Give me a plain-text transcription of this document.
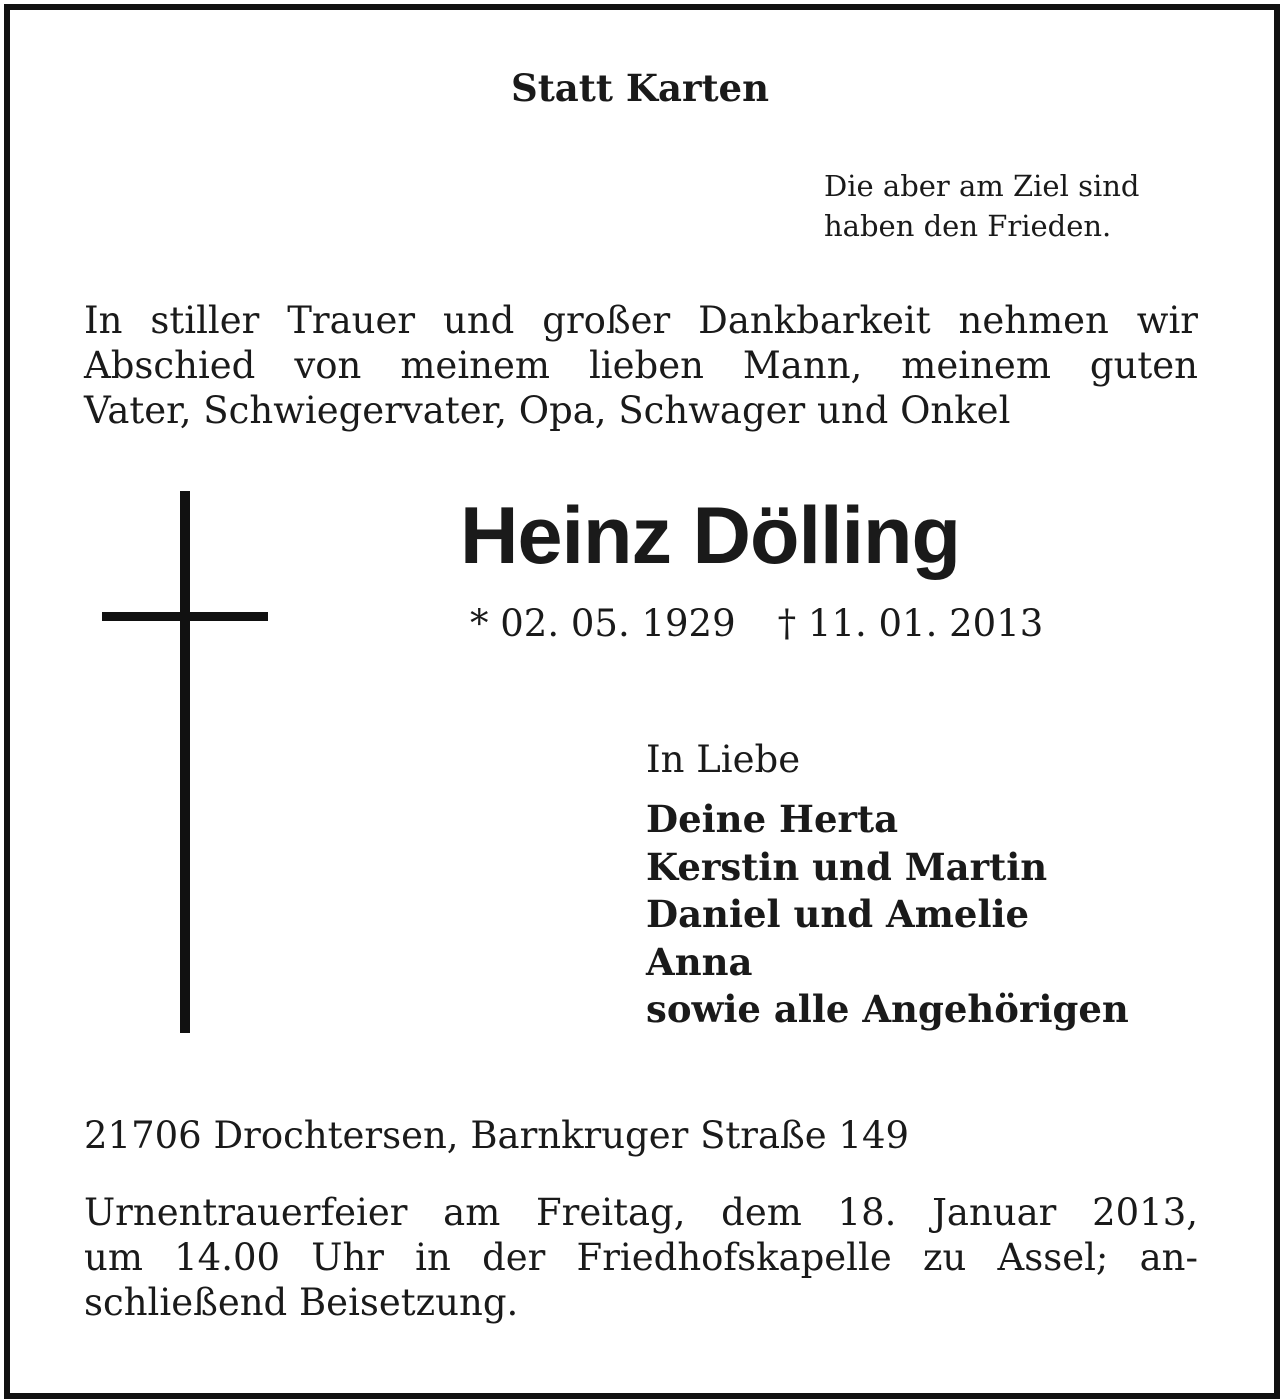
Statt Karten
Die aber am Ziel sind
haben den Frieden.
In stiller Trauer und großer Dankbarkeit nehmen wir
Abschied von meinem lieben Mann, meinem guten
Vater, Schwiegervater, Opa, Schwager und Onkel
Heinz Dölling
* 02. 05. 1929 † 11. 01. 2013
In Liebe
Deine Herta
Kerstin und Martin
Daniel und Amelie
Anna
sowie alle Angehörigen
21706 Drochtersen, Barnkruger Straße 149
Urnentrauerfeier am Freitag, dem 18. Januar 2013,
um 14.00 Uhr in der Friedhofskapelle zu Assel; an-
schließend Beisetzung.
